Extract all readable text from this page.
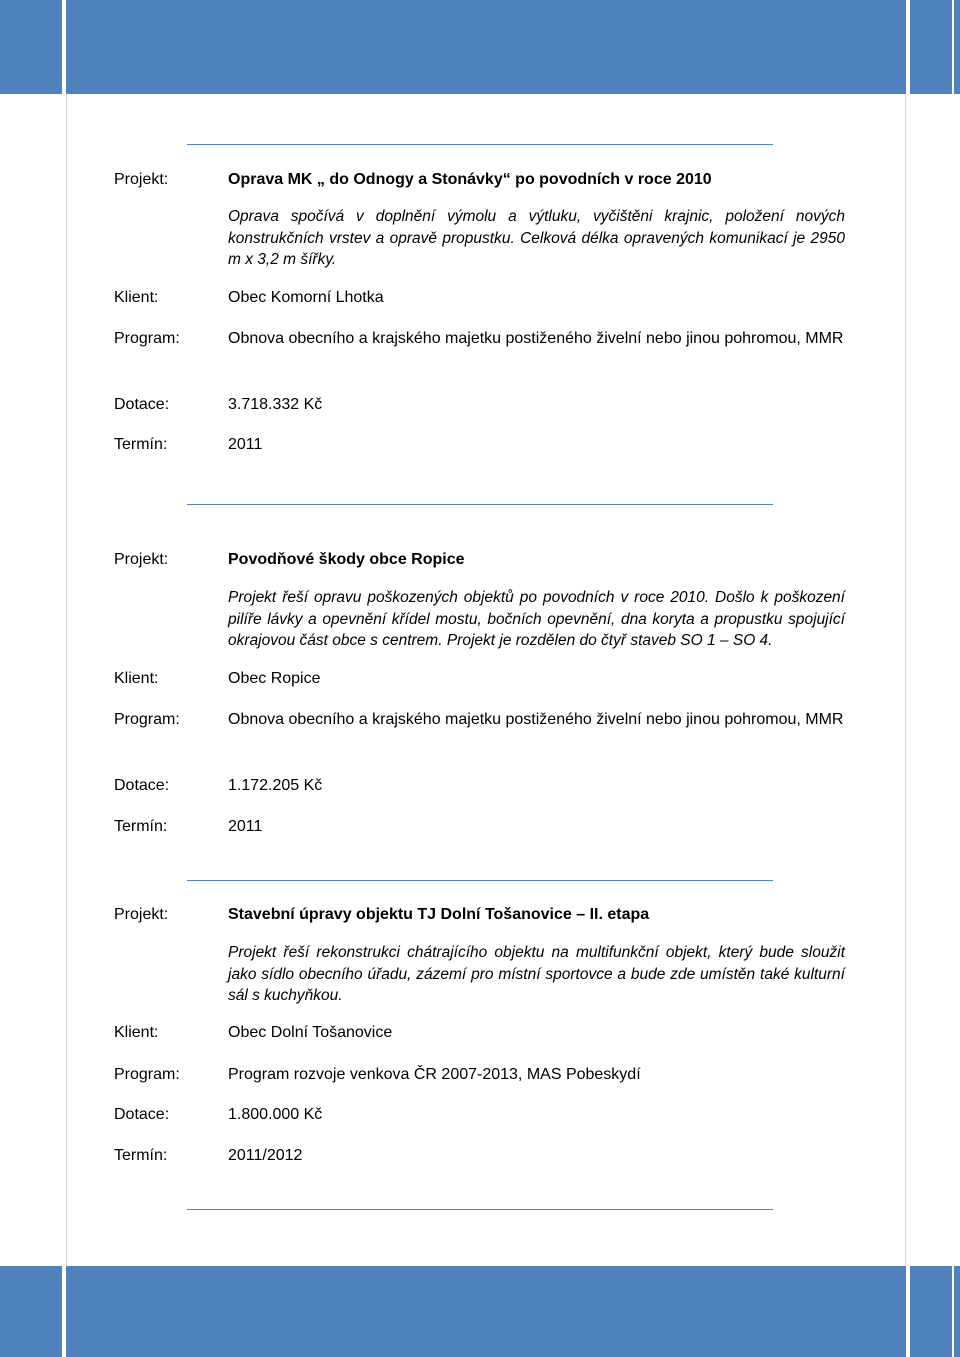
Projekt:	Oprava MK „ do Odnogy a Stonávky“ po povodních v roce 2010
Oprava spočívá v doplnění výmolu a výtluku, vyčištěni krajnic, položení nových konstrukčních vrstev a opravě propustku. Celková délka opravených komunikací je 2950 m x 3,2 m šířky.
Klient:	Obec Komorní Lhotka
Program:	Obnova obecního a krajského majetku postiženého živelní nebo jinou pohromou, MMR
Dotace:	3.718.332 Kč
Termín:	2011
Projekt:	Povodňové škody obce Ropice
Projekt řeší opravu poškozených objektů po povodních v roce 2010. Došlo k poškození pilíře lávky a opevnění křídel mostu, bočních opevnění, dna koryta a propustku spojující okrajovou část obce s centrem. Projekt je rozdělen do čtyř staveb SO 1 – SO 4.
Klient:	Obec Ropice
Program:	Obnova obecního a krajského majetku postiženého živelní nebo jinou pohromou, MMR
Dotace:	1.172.205 Kč
Termín:	2011
Projekt:	Stavební úpravy objektu TJ Dolní Tošanovice – II. etapa
Projekt řeší rekonstrukci chátrajícího objektu na multifunkční objekt, který bude sloužit jako sídlo obecního úřadu, zázemí pro místní sportovce a bude zde umístěn také kulturní sál s kuchyňkou.
Klient:	Obec Dolní Tošanovice
Program:	Program rozvoje venkova ČR 2007-2013, MAS Pobeskydí
Dotace:	1.800.000 Kč
Termín:	2011/2012
